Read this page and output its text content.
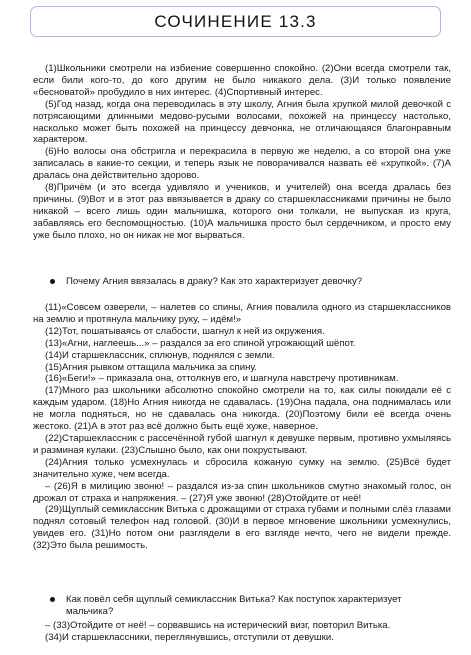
СОЧИНЕНИЕ 13.3

(1)Школьники смотрели на избиение совершенно спокойно. (2)Они всегда смотрели так, если били кого-то, до кого другим не было никакого дела. (3)И только появление «бесноватой» пробудило в них интерес. (4)Спортивный интерес.

(5)Год назад, когда она переводилась в эту школу, Агния была хрупкой милой девочкой с потрясающими длинными медово-русыми волосами, похожей на принцессу настолько, насколько может быть похожей на принцессу девчонка, не отличающаяся благонравным характером.

(6)Но волосы она обстригла и перекрасила в первую же неделю, а со второй она уже записалась в какие-то секции, и теперь язык не поворачивался назвать её «хрупкой». (7)А дралась она действительно здорово.

(8)Причём (и это всегда удивляло и учеников, и учителей) она всегда дралась без причины. (9)Вот и в этот раз ввязывается в драку со старшеклассниками причины не было никакой – всего лишь один мальчишка, которого они толкали, не выпуская из круга, забавляясь его беспомощностью. (10)А мальчишка просто был сердечником, и просто ему уже было плохо, но он никак не мог вырваться.

Почему Агния ввязалась в драку? Как это характеризует девочку?

(11)«Совсем озверели, – налетев со спины, Агния повалила одного из старшеклассников на землю и протянула мальчику руку, – идём!»

(12)Тот, пошатываясь от слабости, шагнул к ней из окружения.

(13)«Агни, наглеешь...» – раздался за его спиной угрожающий шёпот.

(14)И старшеклассник, сплюнув, поднялся с земли.

(15)Агния рывком оттащила мальчика за спину.

(16)«Беги!» – приказала она, оттолкнув его, и шагнула навстречу противникам.

(17)Много раз школьники абсолютно спокойно смотрели на то, как силы покидали её с каждым ударом. (18)Но Агния никогда не сдавалась. (19)Она падала, она поднималась или не могла подняться, но не сдавалась она никогда. (20)Поэтому били её всегда очень жестоко. (21)А в этот раз всё должно быть ещё хуже, наверное.

(22)Старшеклассник с рассечённой губой шагнул к девушке первым, противно ухмыляясь и разминая кулаки. (23)Слышно было, как они похрустывают.

(24)Агния только усмехнулась и сбросила кожаную сумку на землю. (25)Всё будет значительно хуже, чем всегда.

– (26)Я в милицию звоню! – раздался из-за спин школьников смутно знакомый голос, он дрожал от страха и напряжения. – (27)Я уже звоню! (28)Отойдите от неё!

(29)Щуплый семиклассник Витька с дрожащими от страха губами и полными слёз глазами поднял сотовый телефон над головой. (30)И в первое мгновение школьники усмехнулись, увидев его. (31)Но потом они разглядели в его взгляде нечто, чего не видели прежде. (32)Это была решимость.

Как повёл себя щуплый семиклассник Витька? Как поступок характеризует мальчика?

– (33)Отойдите от неё! – сорвавшись на истерический визг, повторил Витька.

(34)И старшеклассники, переглянувшись, отступили от девушки.
